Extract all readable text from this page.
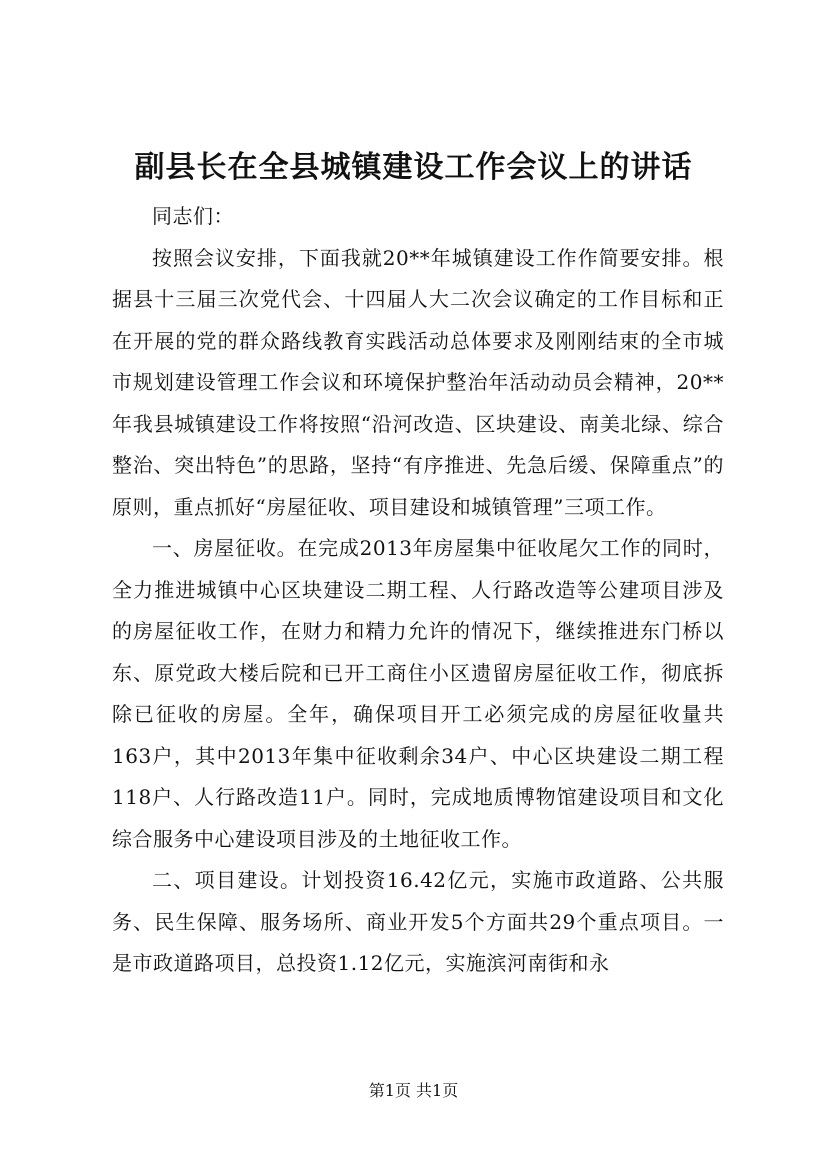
副县长在全县城镇建设工作会议上的讲话

同志们：

按照会议安排，下面我就20**年城镇建设工作作简要安排。根据县十三届三次党代会、十四届人大二次会议确定的工作目标和正在开展的党的群众路线教育实践活动总体要求及刚刚结束的全市城市规划建设管理工作会议和环境保护整治年活动动员会精神，20**年我县城镇建设工作将按照“沿河改造、区块建设、南美北绿、综合整治、突出特色”的思路，坚持“有序推进、先急后缓、保障重点”的原则，重点抓好“房屋征收、项目建设和城镇管理”三项工作。

一、房屋征收。在完成2013年房屋集中征收尾欠工作的同时，全力推进城镇中心区块建设二期工程、人行路改造等公建项目涉及的房屋征收工作，在财力和精力允许的情况下，继续推进东门桥以东、原党政大楼后院和已开工商住小区遗留房屋征收工作，彻底拆除已征收的房屋。全年，确保项目开工必须完成的房屋征收量共163户，其中2013年集中征收剩余34户、中心区块建设二期工程118户、人行路改造11户。同时，完成地质博物馆建设项目和文化综合服务中心建设项目涉及的土地征收工作。

二、项目建设。计划投资16.42亿元，实施市政道路、公共服务、民生保障、服务场所、商业开发5个方面共29个重点项目。一是市政道路项目，总投资1.12亿元，实施滨河南街和永

第1页 共1页
